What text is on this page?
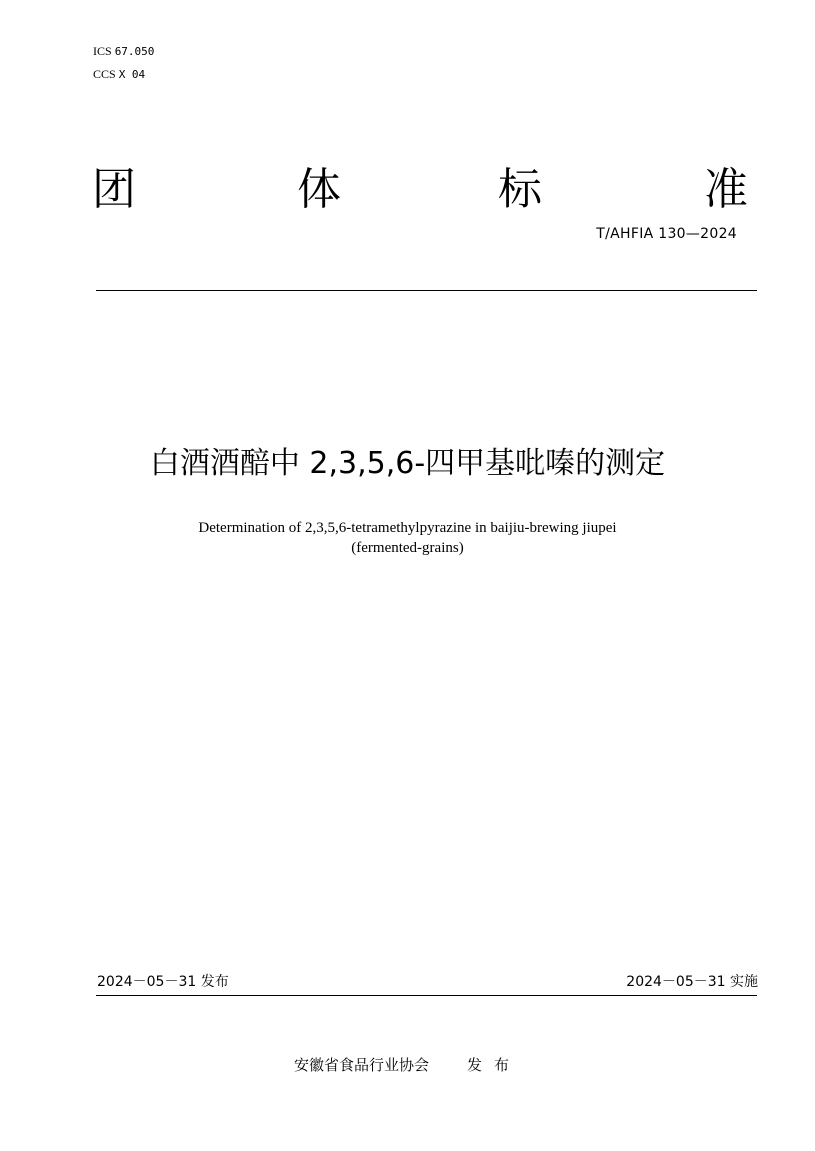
ICS 67.050
CCS X 04
团	体	标	准
T/AHFIA 130—2024
白酒酒醅中 2,3,5,6-四甲基吡嗪的测定
Determination of 2,3,5,6-tetramethylpyrazine in baijiu-brewing jiupei
(fermented-grains)
2024－05－31 发布	2024－05－31 实施
安徽省食品行业协会	发布
